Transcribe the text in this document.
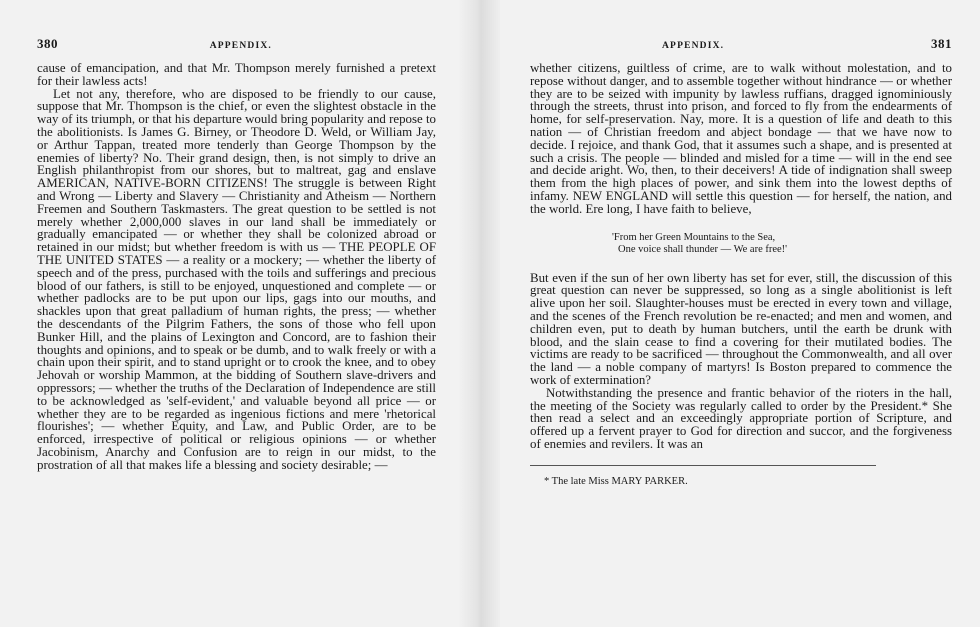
380	APPENDIX.

cause of emancipation, and that Mr. Thompson merely furnished a pretext for their lawless acts!

Let not any, therefore, who are disposed to be friendly to our cause, suppose that Mr. Thompson is the chief, or even the slightest obstacle in the way of its triumph, or that his departure would bring popularity and repose to the abolitionists. Is James G. Birney, or Theodore D. Weld, or William Jay, or Arthur Tappan, treated more tenderly than George Thompson by the enemies of liberty? No. Their grand design, then, is not simply to drive an English philanthropist from our shores, but to maltreat, gag and enslave AMERICAN, NATIVE-BORN CITIZENS! The struggle is between Right and Wrong — Liberty and Slavery — Christianity and Atheism — Northern Freemen and Southern Taskmasters. The great question to be settled is not merely whether 2,000,000 slaves in our land shall be immediately or gradually emancipated — or whether they shall be colonized abroad or retained in our midst; but whether freedom is with us — THE PEOPLE OF THE UNITED STATES — a reality or a mockery; — whether the liberty of speech and of the press, purchased with the toils and sufferings and precious blood of our fathers, is still to be enjoyed, unquestioned and complete — or whether padlocks are to be put upon our lips, gags into our mouths, and shackles upon that great palladium of human rights, the press; — whether the descendants of the Pilgrim Fathers, the sons of those who fell upon Bunker Hill, and the plains of Lexington and Concord, are to fashion their thoughts and opinions, and to speak or be dumb, and to walk freely or with a chain upon their spirit, and to stand upright or to crook the knee, and to obey Jehovah or worship Mammon, at the bidding of Southern slave-drivers and oppressors; — whether the truths of the Declaration of Independence are still to be acknowledged as 'self-evident,' and valuable beyond all price — or whether they are to be regarded as ingenious fictions and mere 'rhetorical flourishes'; — whether Equity, and Law, and Public Order, are to be enforced, irrespective of political or religious opinions — or whether Jacobinism, Anarchy and Confusion are to reign in our midst, to the prostration of all that makes life a blessing and society desirable; —

APPENDIX.	381

whether citizens, guiltless of crime, are to walk without molestation, and to repose without danger, and to assemble together without hindrance — or whether they are to be seized with impunity by lawless ruffians, dragged ignominiously through the streets, thrust into prison, and forced to fly from the endearments of home, for self-preservation. Nay, more. It is a question of life and death to this nation — of Christian freedom and abject bondage — that we have now to decide. I rejoice, and thank God, that it assumes such a shape, and is presented at such a crisis. The people — blinded and misled for a time — will in the end see and decide aright. Wo, then, to their deceivers! A tide of indignation shall sweep them from the high places of power, and sink them into the lowest depths of infamy. NEW ENGLAND will settle this question — for herself, the nation, and the world. Ere long, I have faith to believe,

'From her Green Mountains to the Sea,
One voice shall thunder — We are free!'

But even if the sun of her own liberty has set for ever, still, the discussion of this great question can never be suppressed, so long as a single abolitionist is left alive upon her soil. Slaughter-houses must be erected in every town and village, and the scenes of the French revolution be re-enacted; and men and women, and children even, put to death by human butchers, until the earth be drunk with blood, and the slain cease to find a covering for their mutilated bodies. The victims are ready to be sacrificed — throughout the Commonwealth, and all over the land — a noble company of martyrs! Is Boston prepared to commence the work of extermination?

Notwithstanding the presence and frantic behavior of the rioters in the hall, the meeting of the Society was regularly called to order by the President.* She then read a select and an exceedingly appropriate portion of Scripture, and offered up a fervent prayer to God for direction and succor, and the forgiveness of enemies and revilers. It was an

* The late Miss MARY PARKER.
